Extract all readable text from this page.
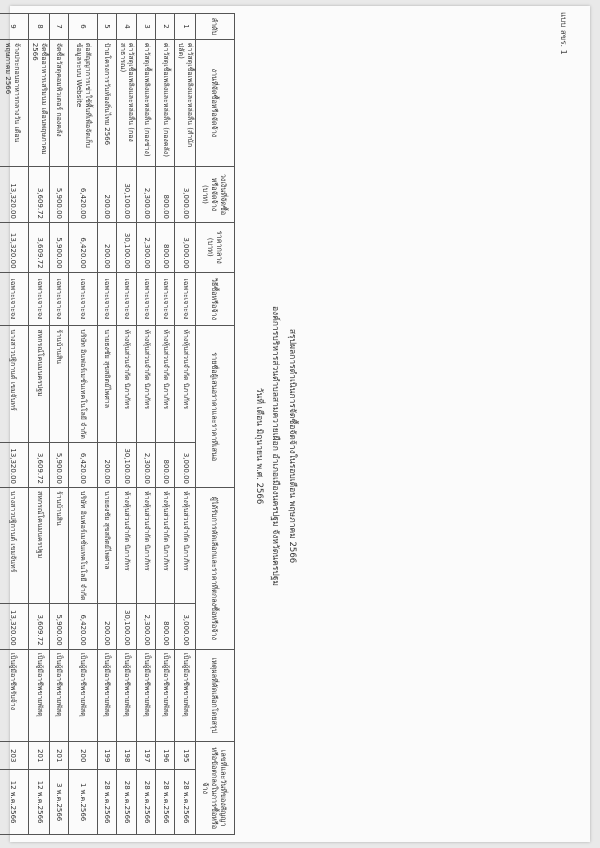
แบบ สขร. 1
สรุปผลการดำเนินการจัดซื้อจัดจ้างในรอบเดือน พฤษภาคม 2566
องค์การบริหารส่วนตำบลสามควายเผือก อำเภอเมืองนครปฐม จังหวัดนครปฐม
วันที่ เดือน มิถุนายน พ.ศ. 2566
ลำดับ	งานที่จัดซื้อหรือจัดจ้าง	วงเงินที่จัดซื้อหรือจัดจ้าง (บาท)	ราคากลาง (บาท)	วิธีซื้อหรือจ้าง	รายชื่อผู้เสนอราคาและราคาที่เสนอ		ผู้ได้รับการคัดเลือกและราคาที่ตกลงซื้อหรือจ้าง		เหตุผลที่คัดเลือกโดยสรุป	เลขที่และวันที่ของสัญญาหรือข้อตกลงในการซื้อหรือจ้าง	
1	ค่าวัสดุเชื้อเพลิงและหล่อลื่น (สำนักปลัด)	3,000.00	3,000.00	เฉพาะเจาะจง	ห้างหุ้นส่วนจำกัด นิภาภัทร	3,000.00	ห้างหุ้นส่วนจำกัด นิภาภัทร	3,000.00	เป็นผู้มีอาชีพขายพัสดุ	195	28 พ.ค.2566
2	ค่าวัสดุเชื้อเพลิงและหล่อลื่น (กองคลัง)	800.00	800.00	เฉพาะเจาะจง	ห้างหุ้นส่วนจำกัด นิภาภัทร	800.00	ห้างหุ้นส่วนจำกัด นิภาภัทร	800.00	เป็นผู้มีอาชีพขายพัสดุ	196	28 พ.ค.2566
3	ค่าวัสดุเชื้อเพลิงและหล่อลื่น (กองช่าง)	2,300.00	2,300.00	เฉพาะเจาะจง	ห้างหุ้นส่วนจำกัด นิภาภัทร	2,300.00	ห้างหุ้นส่วนจำกัด นิภาภัทร	2,300.00	เป็นผู้มีอาชีพขายพัสดุ	197	28 พ.ค.2566
4	ค่าวัสดุเชื้อเพลิงและหล่อลื่น (กองสาธารณ)	30,100.00	30,100.00	เฉพาะเจาะจง	ห้างหุ้นส่วนจำกัด นิภาภัทร	30,100.00	ห้างหุ้นส่วนจำกัด นิภาภัทร	30,100.00	เป็นผู้มีอาชีพขายพัสดุ	198	28 พ.ค.2566
5	ป้ายโครงการวันท้องถิ่นไทย 2566	200.00	200.00	เฉพาะเจาะจง	นายธงชัย สุขสถิตย์ไพศาล	200.00	นายธงชัย สุขสถิตย์ไพศาล	200.00	เป็นผู้มีอาชีพขายพัสดุ	199	28 พ.ค.2566
6	ต่อสัญญาการเช่าใช้พื้นที่เพื่อจัดเก็บข้อมูลระบบ Website	6,420.00	6,420.00	เฉพาะเจาะจง	บริษัท อินฟอร์เมชั่นเทคโนโลยี จำกัด	6,420.00	บริษัท อินฟอร์เมชั่นเทคโนโลยี จำกัด	6,420.00	เป็นผู้มีอาชีพขายพัสดุ	200	1 พ.ค.2566
7	จัดซื้อวัสดุคอมพิวเตอร์ กองคลัง	5,900.00	5,900.00	เฉพาะเจาะจง	ร้านบ้านสิน	5,900.00	ร้านบ้านสิน	5,900.00	เป็นผู้มีอาชีพขายพัสดุ	201	3 พ.ค.2566
8	จัดซื้ออาหารเสริมนม เดือนพฤษภาคม 2566	3,609.72	3,609.72	เฉพาะเจาะจง	สหกรณ์โคนมนครปฐม	3,609.72	สหกรณ์โคนมนครปฐม	3,609.72	เป็นผู้มีอาชีพขายพัสดุ	201	12 พ.ค.2566
9	จ้างประกอบอาหารกลางวัน เดือนพฤษภาคม 2566	13,320.00	13,320.00	เฉพาะเจาะจง	นางสาวปฐิกานต์ เขมจันทร์	13,320.00	นางสาวปฐิกานต์ เขมจันทร์	13,320.00	เป็นผู้มีอาชีพรับจ้าง	203	12 พ.ค.2566
